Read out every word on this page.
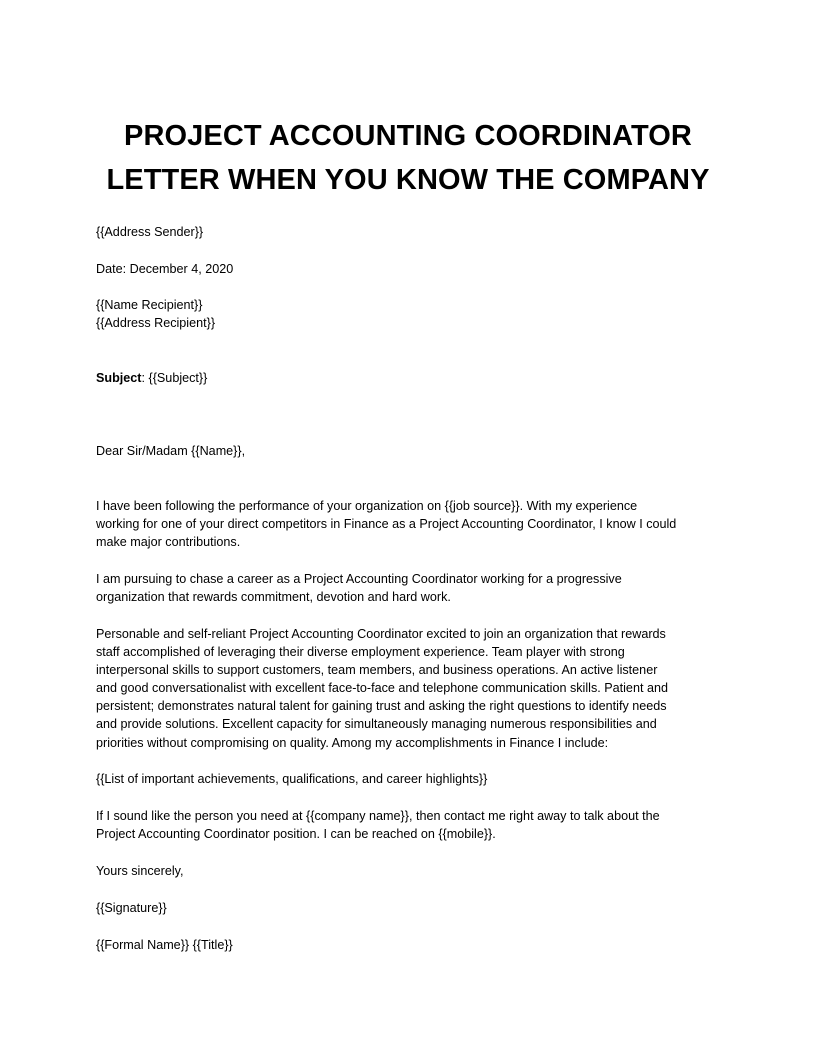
PROJECT ACCOUNTING COORDINATOR
LETTER WHEN YOU KNOW THE COMPANY

{{Address Sender}}

Date: December 4, 2020

{{Name Recipient}}
{{Address Recipient}}

Subject: {{Subject}}

Dear Sir/Madam {{Name}},

I have been following the performance of your organization on {{job source}}. With my experience
working for one of your direct competitors in Finance as a Project Accounting Coordinator, I know I could
make major contributions.
I am pursuing to chase a career as a Project Accounting Coordinator working for a progressive
organization that rewards commitment, devotion and hard work.
Personable and self-reliant Project Accounting Coordinator excited to join an organization that rewards
staff accomplished of leveraging their diverse employment experience. Team player with strong
interpersonal skills to support customers, team members, and business operations. An active listener
and good conversationalist with excellent face-to-face and telephone communication skills. Patient and
persistent; demonstrates natural talent for gaining trust and asking the right questions to identify needs
and provide solutions. Excellent capacity for simultaneously managing numerous responsibilities and
priorities without compromising on quality. Among my accomplishments in Finance I include:

{{List of important achievements, qualifications, and career highlights}}

If I sound like the person you need at {{company name}}, then contact me right away to talk about the
Project Accounting Coordinator position. I can be reached on {{mobile}}.

Yours sincerely,

{{Signature}}

{{Formal Name}} {{Title}}
